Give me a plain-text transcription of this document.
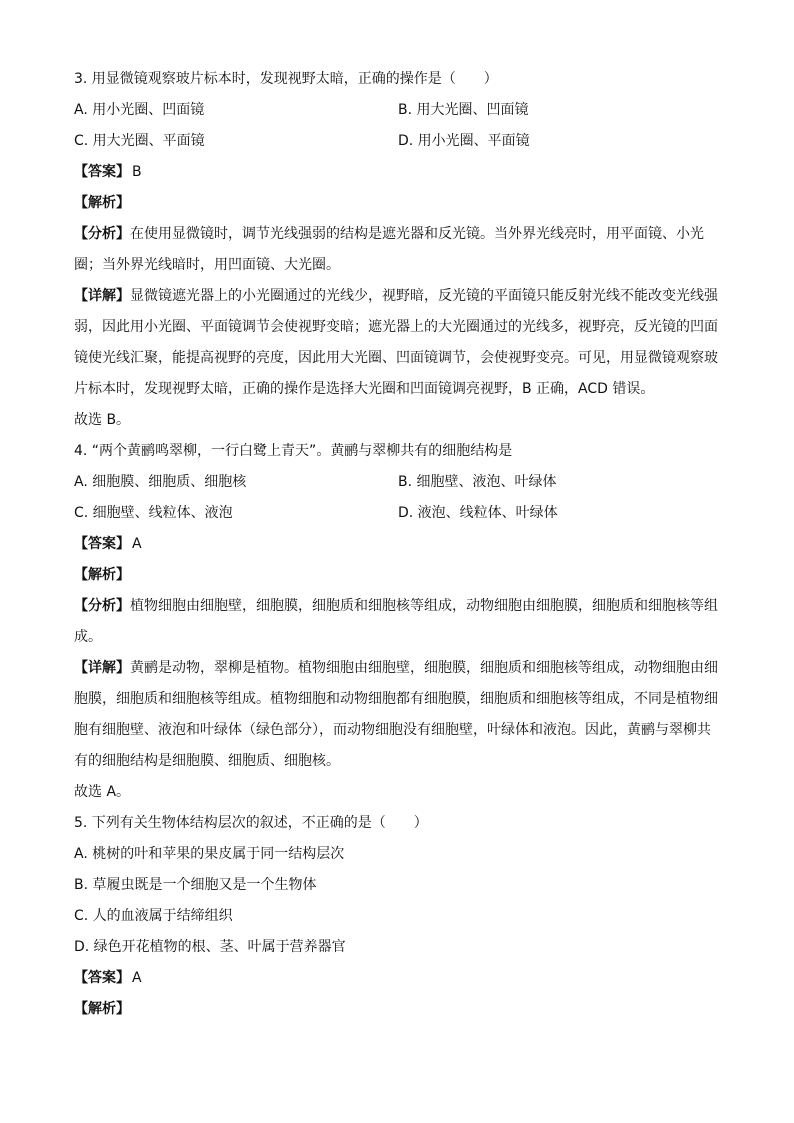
3. 用显微镜观察玻片标本时，发现视野太暗，正确的操作是（　　）
A. 用小光圈、凹面镜	B. 用大光圈、凹面镜
C. 用大光圈、平面镜	D. 用小光圈、平面镜
【答案】 B
【解析】
【分析】在使用显微镜时，调节光线强弱的结构是遮光器和反光镜。当外界光线亮时，用平面镜、小光圈；当外界光线暗时，用凹面镜、大光圈。
【详解】显微镜遮光器上的小光圈通过的光线少，视野暗，反光镜的平面镜只能反射光线不能改变光线强弱，因此用小光圈、平面镜调节会使视野变暗；遮光器上的大光圈通过的光线多，视野亮，反光镜的凹面镜使光线汇聚，能提高视野的亮度，因此用大光圈、凹面镜调节，会使视野变亮。可见，用显微镜观察玻片标本时，发现视野太暗，正确的操作是选择大光圈和凹面镜调亮视野，B 正确，ACD 错误。
故选 B。
4. “两个黄鹂鸣翠柳，一行白鹭上青天”。黄鹂与翠柳共有的细胞结构是
A. 细胞膜、细胞质、细胞核	B. 细胞壁、液泡、叶绿体
C. 细胞壁、线粒体、液泡	D. 液泡、线粒体、叶绿体
【答案】 A
【解析】
【分析】植物细胞由细胞壁，细胞膜，细胞质和细胞核等组成，动物细胞由细胞膜，细胞质和细胞核等组成。
【详解】黄鹂是动物，翠柳是植物。植物细胞由细胞壁，细胞膜，细胞质和细胞核等组成，动物细胞由细胞膜，细胞质和细胞核等组成。植物细胞和动物细胞都有细胞膜，细胞质和细胞核等组成，不同是植物细胞有细胞壁、液泡和叶绿体（绿色部分），而动物细胞没有细胞壁，叶绿体和液泡。因此，黄鹂与翠柳共有的细胞结构是细胞膜、细胞质、细胞核。
故选 A。
5. 下列有关生物体结构层次的叙述，不正确的是（　　）
A. 桃树的叶和苹果的果皮属于同一结构层次
B. 草履虫既是一个细胞又是一个生物体
C. 人的血液属于结缔组织
D. 绿色开花植物的根、茎、叶属于营养器官
【答案】 A
【解析】
